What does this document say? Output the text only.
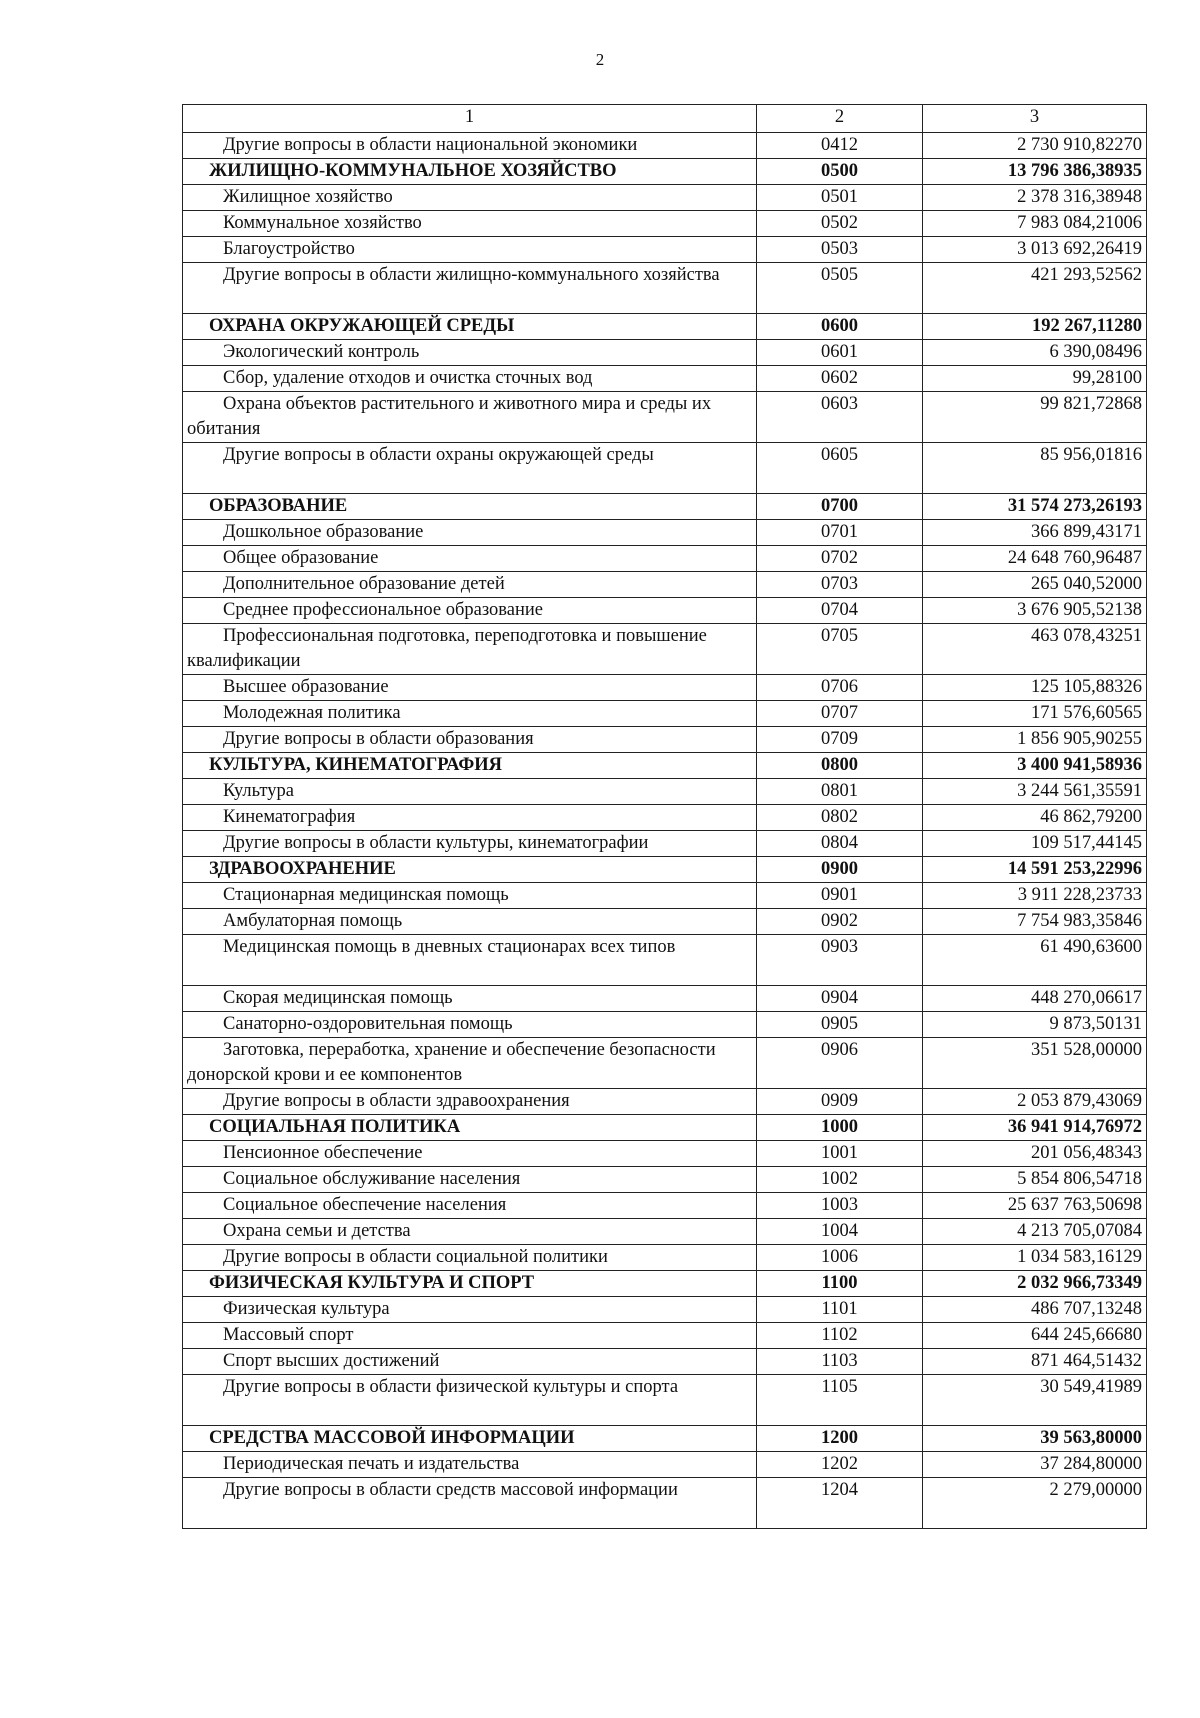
2
1	2	3
Другие вопросы в области национальной экономики	0412	2 730 910,82270
ЖИЛИЩНО-КОММУНАЛЬНОЕ ХОЗЯЙСТВО	0500	13 796 386,38935
Жилищное хозяйство	0501	2 378 316,38948
Коммунальное хозяйство	0502	7 983 084,21006
Благоустройство	0503	3 013 692,26419
Другие вопросы в области жилищно-коммунального хозяйства	0505	421 293,52562
ОХРАНА ОКРУЖАЮЩЕЙ СРЕДЫ	0600	192 267,11280
Экологический контроль	0601	6 390,08496
Сбор, удаление отходов и очистка сточных вод	0602	99,28100
Охрана объектов растительного и животного мира и среды их обитания	0603	99 821,72868
Другие вопросы в области охраны окружающей среды	0605	85 956,01816
ОБРАЗОВАНИЕ	0700	31 574 273,26193
Дошкольное образование	0701	366 899,43171
Общее образование	0702	24 648 760,96487
Дополнительное образование детей	0703	265 040,52000
Среднее профессиональное образование	0704	3 676 905,52138
Профессиональная подготовка, переподготовка и повышение квалификации	0705	463 078,43251
Высшее образование	0706	125 105,88326
Молодежная политика	0707	171 576,60565
Другие вопросы в области образования	0709	1 856 905,90255
КУЛЬТУРА, КИНЕМАТОГРАФИЯ	0800	3 400 941,58936
Культура	0801	3 244 561,35591
Кинематография	0802	46 862,79200
Другие вопросы в области культуры, кинематографии	0804	109 517,44145
ЗДРАВООХРАНЕНИЕ	0900	14 591 253,22996
Стационарная медицинская помощь	0901	3 911 228,23733
Амбулаторная помощь	0902	7 754 983,35846
Медицинская помощь в дневных стационарах всех типов	0903	61 490,63600
Скорая медицинская помощь	0904	448 270,06617
Санаторно-оздоровительная помощь	0905	9 873,50131
Заготовка, переработка, хранение и обеспечение безопасности донорской крови и ее компонентов	0906	351 528,00000
Другие вопросы в области здравоохранения	0909	2 053 879,43069
СОЦИАЛЬНАЯ ПОЛИТИКА	1000	36 941 914,76972
Пенсионное обеспечение	1001	201 056,48343
Социальное обслуживание населения	1002	5 854 806,54718
Социальное обеспечение населения	1003	25 637 763,50698
Охрана семьи и детства	1004	4 213 705,07084
Другие вопросы в области социальной политики	1006	1 034 583,16129
ФИЗИЧЕСКАЯ КУЛЬТУРА И СПОРТ	1100	2 032 966,73349
Физическая культура	1101	486 707,13248
Массовый спорт	1102	644 245,66680
Спорт высших достижений	1103	871 464,51432
Другие вопросы в области физической культуры и спорта	1105	30 549,41989
СРЕДСТВА МАССОВОЙ ИНФОРМАЦИИ	1200	39 563,80000
Периодическая печать и издательства	1202	37 284,80000
Другие вопросы в области средств массовой информации	1204	2 279,00000
